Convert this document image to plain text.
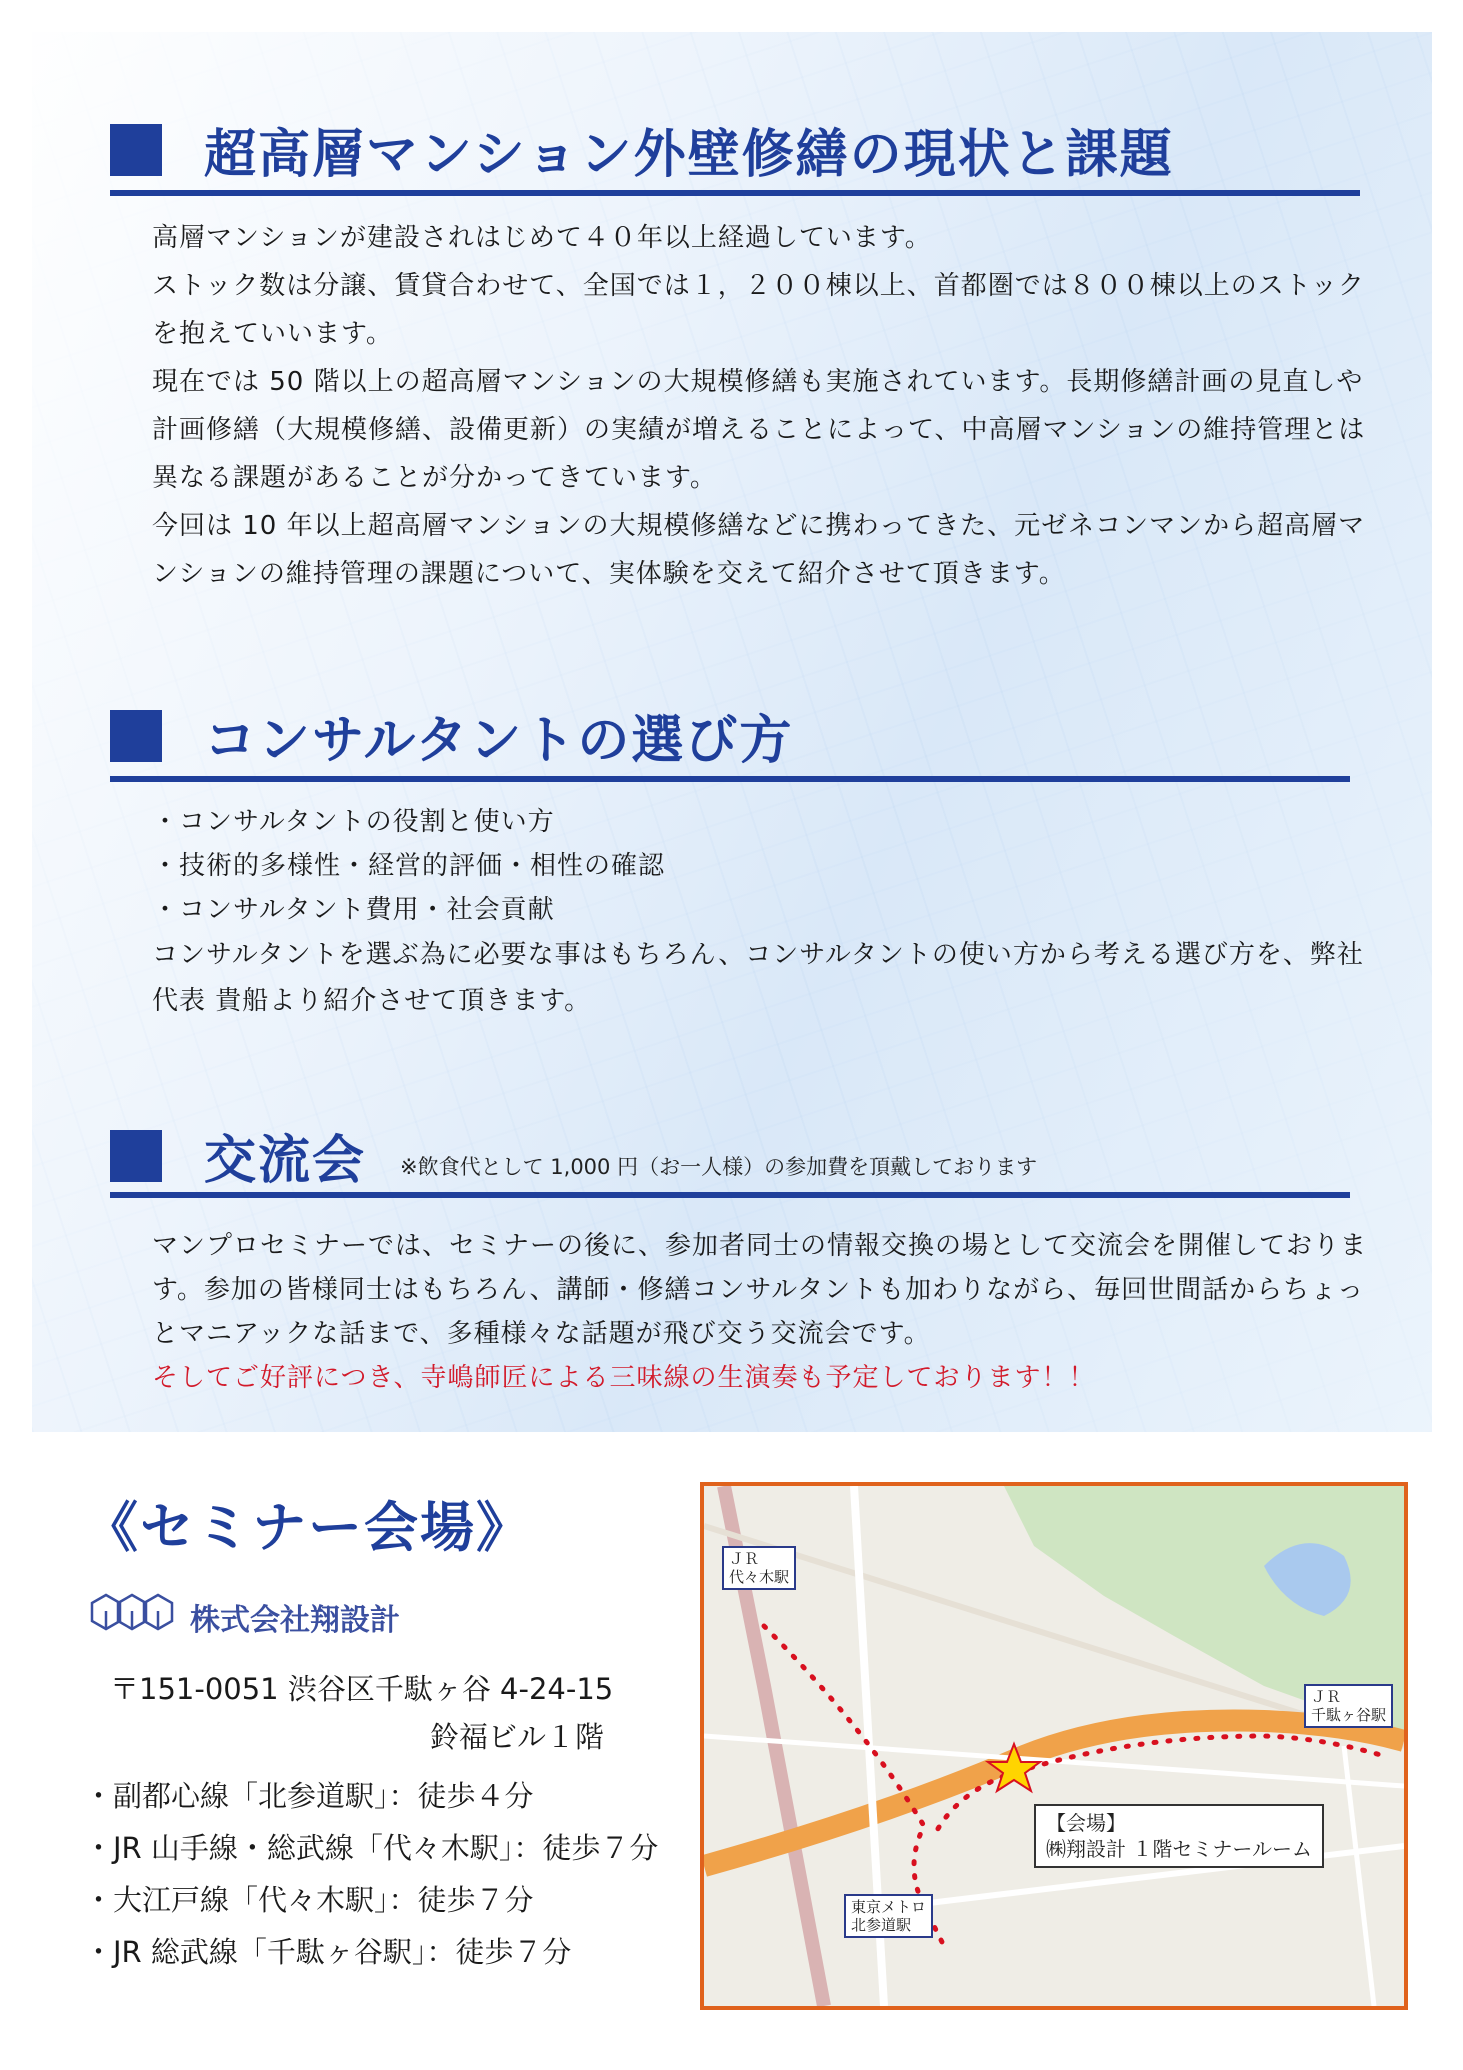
超高層マンション外壁修繕の現状と課題

高層マンションが建設されはじめて４０年以上経過しています。

ストック数は分譲、賃貸合わせて、全国では１，２００棟以上、首都圏では８００棟以上のストックを抱えていいます。

現在では 50 階以上の超高層マンションの大規模修繕も実施されています。長期修繕計画の見直しや計画修繕（大規模修繕、設備更新）の実績が増えることによって、中高層マンションの維持管理とは異なる課題があることが分かってきています。

今回は 10 年以上超高層マンションの大規模修繕などに携わってきた、元ゼネコンマンから超高層マンションの維持管理の課題について、実体験を交えて紹介させて頂きます。

コンサルタントの選び方

・コンサルタントの役割と使い方

・技術的多様性・経営的評価・相性の確認

・コンサルタント費用・社会貢献

コンサルタントを選ぶ為に必要な事はもちろん、コンサルタントの使い方から考える選び方を、弊社代表 貴船より紹介させて頂きます。

交流会 ※飲食代として 1,000 円（お一人様）の参加費を頂戴しております

マンプロセミナーでは、セミナーの後に、参加者同士の情報交換の場として交流会を開催しております。参加の皆様同士はもちろん、講師・修繕コンサルタントも加わりながら、毎回世間話からちょっとマニアックな話まで、多種様々な話題が飛び交う交流会です。

そしてご好評につき、寺嶋師匠による三味線の生演奏も予定しております！！

《セミナー会場》
株式会社翔設計
〒151-0051 渋谷区千駄ヶ谷 4-24-15
鈴福ビル１階
・副都心線「北参道駅」：徒歩４分
・JR 山手線・総武線「代々木駅」：徒歩７分
・大江戸線「代々木駅」：徒歩７分
・JR 総武線「千駄ヶ谷駅」：徒歩７分
ＪＲ
代々木駅
ＪＲ
千駄ヶ谷駅
東京メトロ
北参道駅
【会場】
㈱翔設計 １階セミナールーム
